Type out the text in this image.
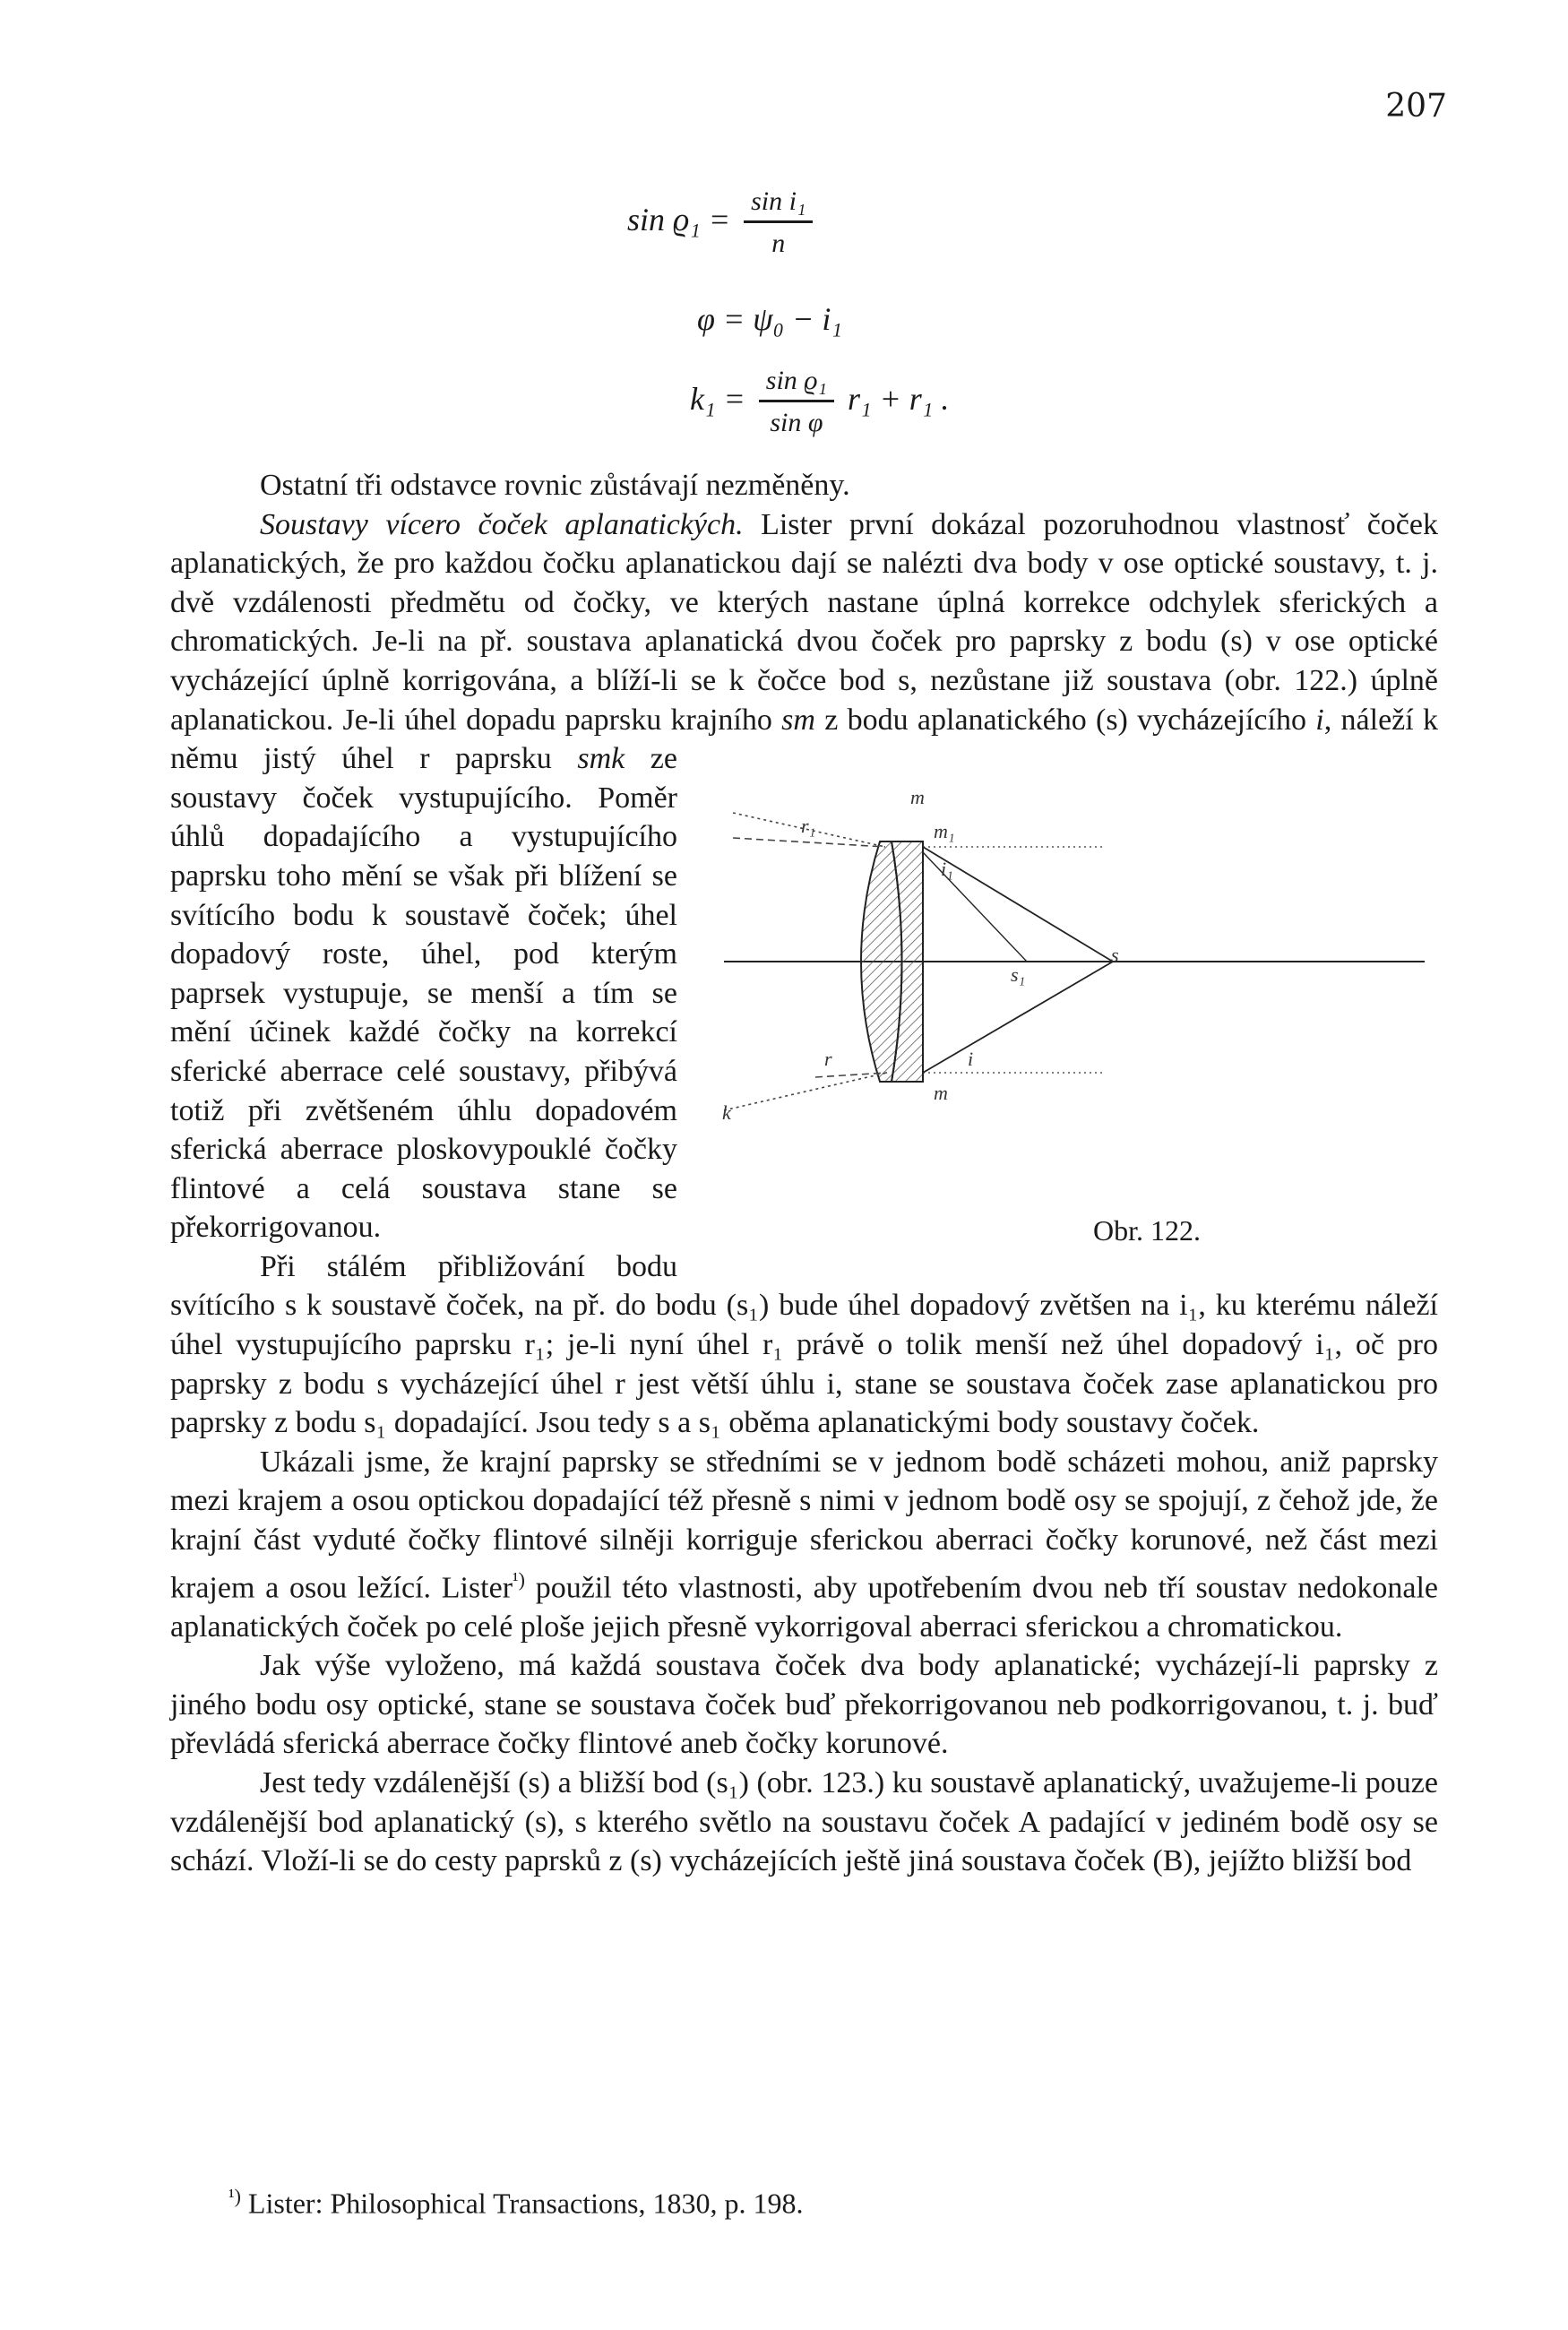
207
$\sin ϱ_1 = \frac{\text{sin i₁}}{n}$
φ = ψ₀ − i₁
$k_1 = \frac{\text{sin ϱ₁}}{\text{sin φ}} r_1 + r_1$ .

Ostatní tři odstavce rovnic zůstávají nezměněny.

Soustavy vícero čoček aplanatických. Lister první dokázal pozoruhodnou vlastnosť čoček aplanatických, že pro každou čočku aplanatickou dají se nalézti dva body v ose optické soustavy, t. j. dvě vzdálenosti předmětu od čočky, ve kterých nastane úplná korrekce odchylek sferických a chromatických. Je-li na př. soustava aplanatická dvou čoček pro paprsky z bodu (s) v ose optické vycházející úplně korrigována, a blíží-li se k čočce bod s, nezůstane již soustava (obr. 122.) úplně aplanatickou. Je-li úhel dopadu paprsku krajního sm z bodu aplanatického (s) vycházejícího i, náleží k němu jistý úhel r paprsku smk
m
m₁
r₁
i₁
s₁
s
r	i
m
k
Obr. 122.
ze soustavy čoček vystupujícího. Poměr úhlů dopadajícího a vystupujícího paprsku toho mění se však při blížení se svítícího bodu k soustavě čoček; úhel dopadový roste, úhel, pod kterým paprsek vystupuje, se menší a tím se mění účinek každé čočky na korrekcí sferické aberrace celé soustavy, přibývá totiž při zvětšeném úhlu dopadovém sferická aberrace ploskovypouklé čočky flintové a celá soustava stane se překorrigovanou.

Při stálém přibližování bodu svítícího s k soustavě čoček, na př. do bodu (s₁) bude úhel dopadový zvětšen na i₁, ku kterému náleží úhel vystupujícího paprsku r₁; je-li nyní úhel r₁ právě o tolik menší než úhel dopadový i₁, oč pro paprsky z bodu s vycházející úhel r jest větší úhlu i, stane se soustava čoček zase aplanatickou pro paprsky z bodu s₁ dopadající. Jsou tedy s a s₁ oběma aplanatickými body soustavy čoček.

Ukázali jsme, že krajní paprsky se středními se v jednom bodě scházeti mohou, aniž paprsky mezi krajem a osou optickou dopadající též přesně s nimi v jednom bodě osy se spojují, z čehož jde, že krajní část vyduté čočky flintové silněji korriguje sferickou aberraci čočky korunové, než část mezi krajem a osou ležící. Lister$^{^1)}$ použil této vlastnosti, aby upotřebením dvou neb tří soustav nedokonale aplanatických čoček po celé ploše jejich přesně vykorrigoval aberraci sferickou a chromatickou.

Jak výše vyloženo, má každá soustava čoček dva body aplanatické; vycházejí-li paprsky z jiného bodu osy optické, stane se soustava čoček buď překorrigovanou neb podkorrigovanou, t. j. buď převládá sferická aberrace čočky flintové aneb čočky korunové.

Jest tedy vzdálenější (s) a bližší bod (s₁) (obr. 123.) ku soustavě aplanatický, uvažujeme-li pouze vzdálenější bod aplanatický (s), s kterého světlo na soustavu čoček A padající v jediném bodě osy se schází. Vloží-li se do cesty paprsků z (s) vycházejících ještě jiná soustava čoček (B), jejížto bližší bod

$^{^1)}$ Lister: Philosophical Transactions, 1830, p. 198.
